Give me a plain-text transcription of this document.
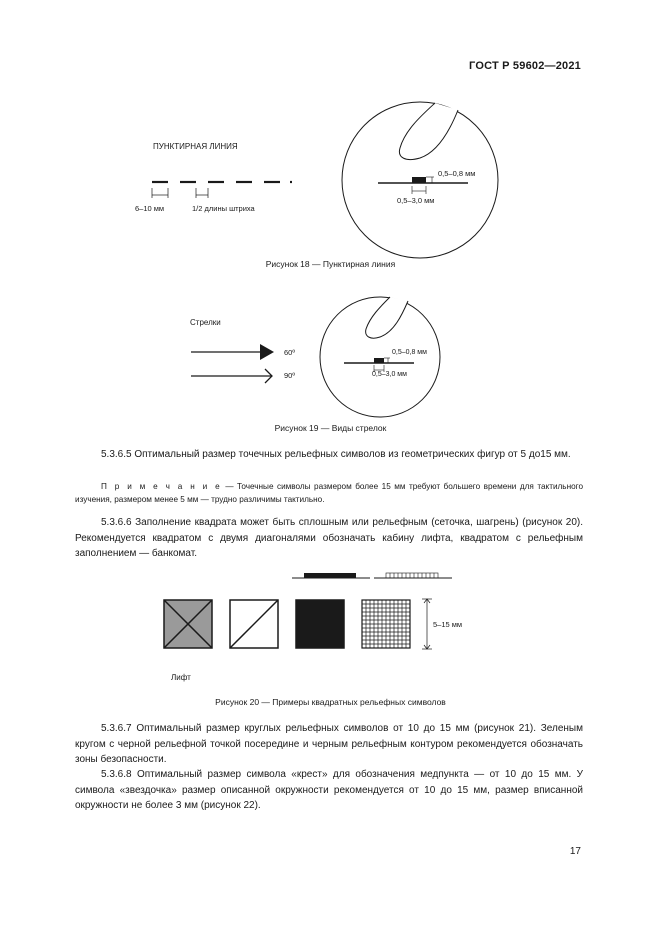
ГОСТ Р 59602—2021
ПУНКТИРНАЯ ЛИНИЯ
6–10 мм	1/2 длины штриха
0,5–0,8 мм
0,5–3,0 мм
Рисунок 18 — Пунктирная линия
Стрелки
60º
90º
0,5–0,8 мм
0,5–3,0 мм
Рисунок 19 — Виды стрелок

5.3.6.5 Оптимальный размер точечных рельефных символов из геометрических фигур от 5 до15 мм.

П р и м е ч а н и е — Точечные символы размером более 15 мм требуют большего времени для тактильного изучения, размером менее 5 мм — трудно различимы тактильно.

5.3.6.6 Заполнение квадрата может быть сплошным или рельефным (сеточка, шагрень) (рисунок 20). Рекомендуется квадратом с двумя диагоналями обозначать кабину лифта, квадратом с рельефным заполнением — банкомат.

5–15 мм
Лифт
Рисунок 20 — Примеры квадратных рельефных символов

5.3.6.7 Оптимальный размер круглых рельефных символов от 10 до 15 мм (рисунок 21). Зеленым кругом с черной рельефной точкой посередине и черным рельефным контуром рекомендуется обозначать зоны безопасности.

5.3.6.8 Оптимальный размер символа «крест» для обозначения медпункта — от 10 до 15 мм. У символа «звездочка» размер описанной окружности рекомендуется от 10 до 15 мм, размер вписанной окружности не более 3 мм (рисунок 22).

17
